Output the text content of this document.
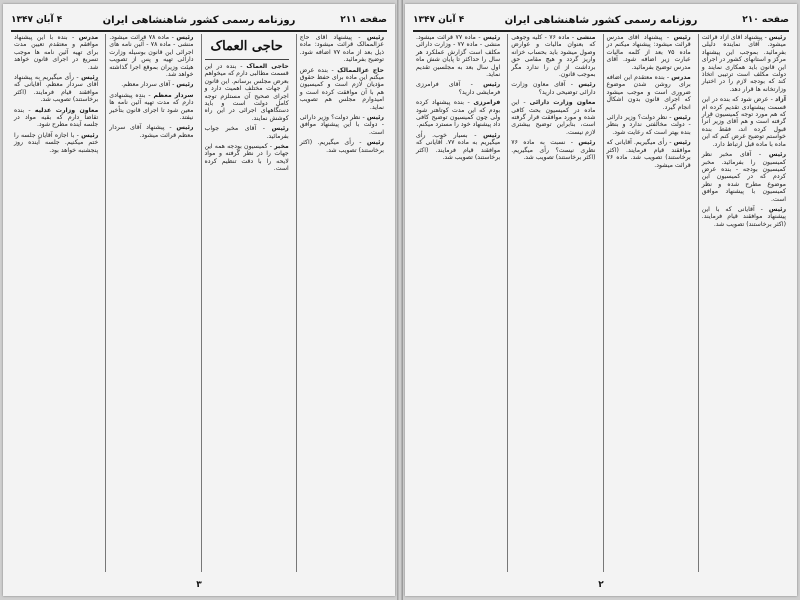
صفحه ۲۱۰
روزنامه رسمی کشور شاهنشاهی ایران
۴ آبان ۱۳۴۷

رئیس - پیشنهاد آقای آزاد قرائت میشود. آقای نماینده دلیلی بفرمائید. بموجب این پیشنهاد مرکز و استانهای کشور در اجرای این قانون باید همکاری نمایند و دولت مکلف است ترتیبی اتخاذ کند که بودجه لازم را در اختیار وزارتخانه ها قرار دهد.

آزاد - عرض شود که بنده در این قسمت پیشنهادی تقدیم کرده ام که هم مورد توجه کمیسیون قرار گرفته است و هم آقای وزیر آنرا قبول کرده اند، فقط بنده خواستم توضیح عرض کنم که این ماده با ماده قبل ارتباط دارد.

رئیس - آقای مخبر نظر کمیسیون را بفرمائید. مخبر کمیسیون بودجه - بنده عرض کردم که در کمیسیون این موضوع مطرح شده و نظر کمیسیون با پیشنهاد موافق است.

رئیس - آقایانی که با این پیشنهاد موافقند قیام فرمایند. (اکثر برخاستند) تصویب شد.

رئیس - پیشنهاد آقای مدرس قرائت میشود: پیشنهاد میکنم در ماده ۷۵ بعد از کلمه مالیات عبارت زیر اضافه شود. آقای مدرس توضیح بفرمائید.

مدرس - بنده معتقدم این اضافه برای روشن شدن موضوع ضروری است و موجب میشود که اجرای قانون بدون اشکال انجام گیرد.

رئیس - نظر دولت؟ وزیر دارائی - دولت مخالفتی ندارد و بنظر بنده بهتر است که رعایت شود.

رئیس - رأی میگیریم. آقایانی که موافقند قیام فرمایند. (اکثر برخاستند) تصویب شد. ماده ۷۶ قرائت میشود.

منشی - ماده ۷۶ - کلیه وجوهی که بعنوان مالیات و عوارض وصول میشود باید بحساب خزانه واریز گردد و هیچ مقامی حق برداشت از آن را ندارد مگر بموجب قانون.

رئیس - آقای معاون وزارت دارائی توضیحی دارید؟

معاون وزارت دارائی - این ماده در کمیسیون بحث کافی شده و مورد موافقت قرار گرفته است، بنابراین توضیح بیشتری لازم نیست.

رئیس - نسبت به ماده ۷۶ نظری نیست؟ رأی میگیریم. (اکثر برخاستند) تصویب شد.

رئیس - ماده ۷۷ قرائت میشود. منشی - ماده ۷۷ - وزارت دارائی مکلف است گزارش عملکرد هر سال را حداکثر تا پایان شش ماه اول سال بعد به مجلسین تقدیم نماید.

رئیس - آقای فرامرزی فرمایشی دارید؟

فرامرزی - بنده پیشنهاد کرده بودم که این مدت کوتاهتر شود ولی چون کمیسیون توضیح کافی داد پیشنهاد خود را مسترد میکنم.

رئیس - بسیار خوب. رأی میگیریم به ماده ۷۷. آقایانی که موافقند قیام فرمایند. (اکثر برخاستند) تصویب شد.

۲
صفحه ۲۱۱
روزنامه رسمی کشور شاهنشاهی ایران
۴ آبان ۱۳۴۷

رئیس - پیشنهاد آقای حاج عزالممالک قرائت میشود: ماده ذیل بعد از ماده ۷۷ اضافه شود. توضیح بفرمائید.

حاج عزالممالک - بنده عرض میکنم این ماده برای حفظ حقوق مؤدیان لازم است و کمیسیون هم با آن موافقت کرده است و امیدوارم مجلس هم تصویب نماید.

رئیس - نظر دولت؟ وزیر دارائی - دولت با این پیشنهاد موافق است.

رئیس - رأی میگیریم. (اکثر برخاستند) تصویب شد.

حاجی العماک

حاجی العماک - بنده در این قسمت مطالبی دارم که میخواهم بعرض مجلس برسانم. این قانون از جهات مختلف اهمیت دارد و اجرای صحیح آن مستلزم توجه کامل دولت است و باید دستگاههای اجرائی در این راه کوشش نمایند.

رئیس - آقای مخبر جواب بفرمائید.

مخبر - کمیسیون بودجه همه این جهات را در نظر گرفته و مواد لایحه را با دقت تنظیم کرده است.

رئیس - ماده ۷۸ قرائت میشود. منشی - ماده ۷۸ - آئین نامه های اجرائی این قانون بوسیله وزارت دارائی تهیه و پس از تصویب هیئت وزیران بموقع اجرا گذاشته خواهد شد.

رئیس - آقای سردار معظم.

سردار معظم - بنده پیشنهادی دارم که مدت تهیه آئین نامه ها معین شود تا اجرای قانون بتأخیر نیفتد.

رئیس - پیشنهاد آقای سردار معظم قرائت میشود.

مدرس - بنده با این پیشنهاد موافقم و معتقدم تعیین مدت برای تهیه آئین نامه ها موجب تسریع در اجرای قانون خواهد شد.

رئیس - رأی میگیریم به پیشنهاد آقای سردار معظم. آقایانی که موافقند قیام فرمایند. (اکثر برخاستند) تصویب شد.

معاون وزارت عدلیه - بنده تقاضا دارم که بقیه مواد در جلسه آینده مطرح شود.

رئیس - با اجازه آقایان جلسه را ختم میکنیم. جلسه آینده روز پنجشنبه خواهد بود.

۳
